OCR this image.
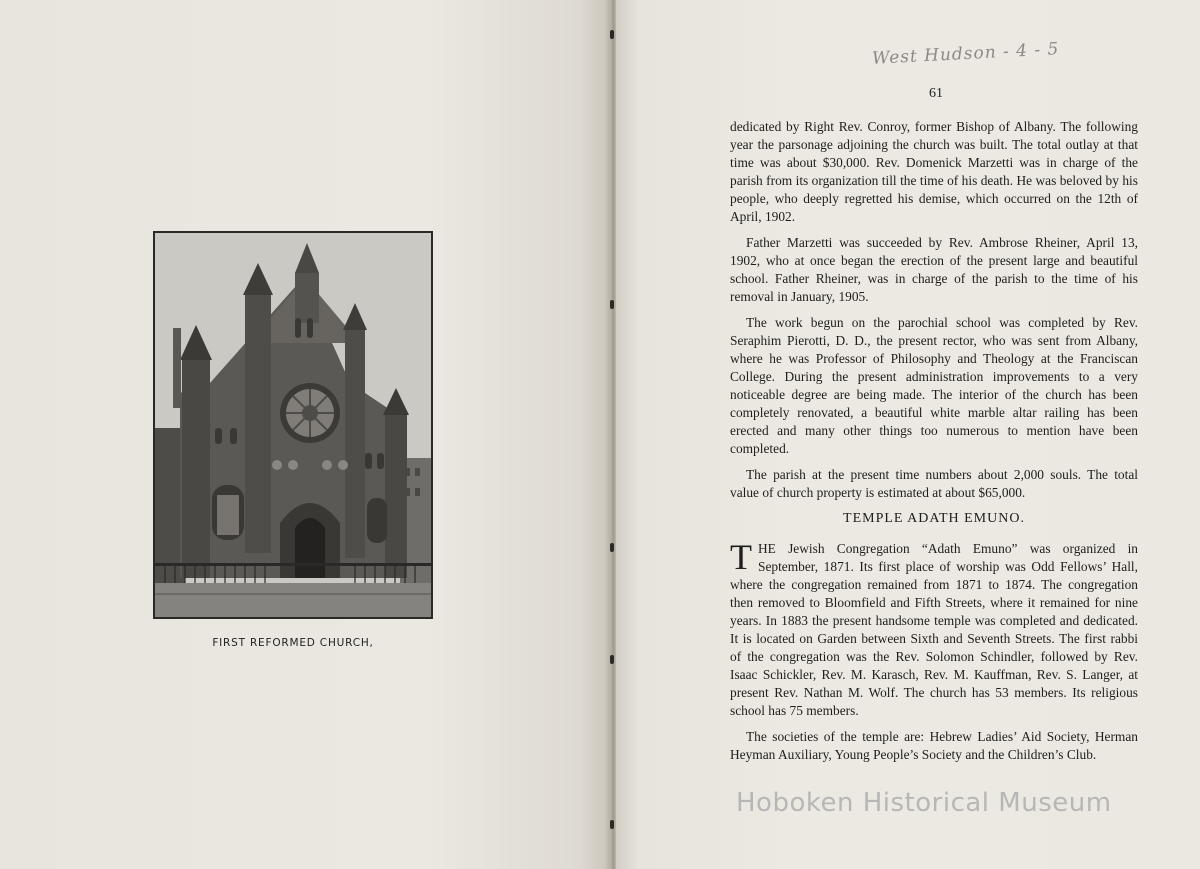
FIRST REFORMED CHURCH,
West Hudson - 4 - 5
61

dedicated by Right Rev. Conroy, former Bishop of Albany. The following year the parsonage adjoining the church was built. The total outlay at that time was about $30,000. Rev. Domenick Marzetti was in charge of the parish from its organization till the time of his death. He was beloved by his people, who deeply regretted his demise, which occurred on the 12th of April, 1902.

Father Marzetti was succeeded by Rev. Ambrose Rheiner, April 13, 1902, who at once began the erection of the present large and beautiful school. Father Rheiner, was in charge of the parish to the time of his removal in January, 1905.

The work begun on the parochial school was completed by Rev. Seraphim Pierotti, D. D., the present rector, who was sent from Albany, where he was Professor of Philosophy and Theology at the Franciscan College. During the present administration improvements to a very noticeable degree are being made. The interior of the church has been completely renovated, a beautiful white marble altar railing has been erected and many other things too numerous to mention have been completed.

The parish at the present time numbers about 2,000 souls. The total value of church property is estimated at about $65,000.

TEMPLE ADATH EMUNO.

THE Jewish Congregation “Adath Emuno” was organized in September, 1871. Its first place of worship was Odd Fellows’ Hall, where the congregation remained from 1871 to 1874. The congregation then removed to Bloomfield and Fifth Streets, where it remained for nine years. In 1883 the present handsome temple was completed and dedicated. It is located on Garden between Sixth and Seventh Streets. The first rabbi of the congregation was the Rev. Solomon Schindler, followed by Rev. Isaac Schickler, Rev. M. Karasch, Rev. M. Kauffman, Rev. S. Langer, at present Rev. Nathan M. Wolf. The church has 53 members. Its religious school has 75 members.

The societies of the temple are: Hebrew Ladies’ Aid Society, Herman Heyman Auxiliary, Young People’s Society and the Children’s Club.

Hoboken Historical Museum
